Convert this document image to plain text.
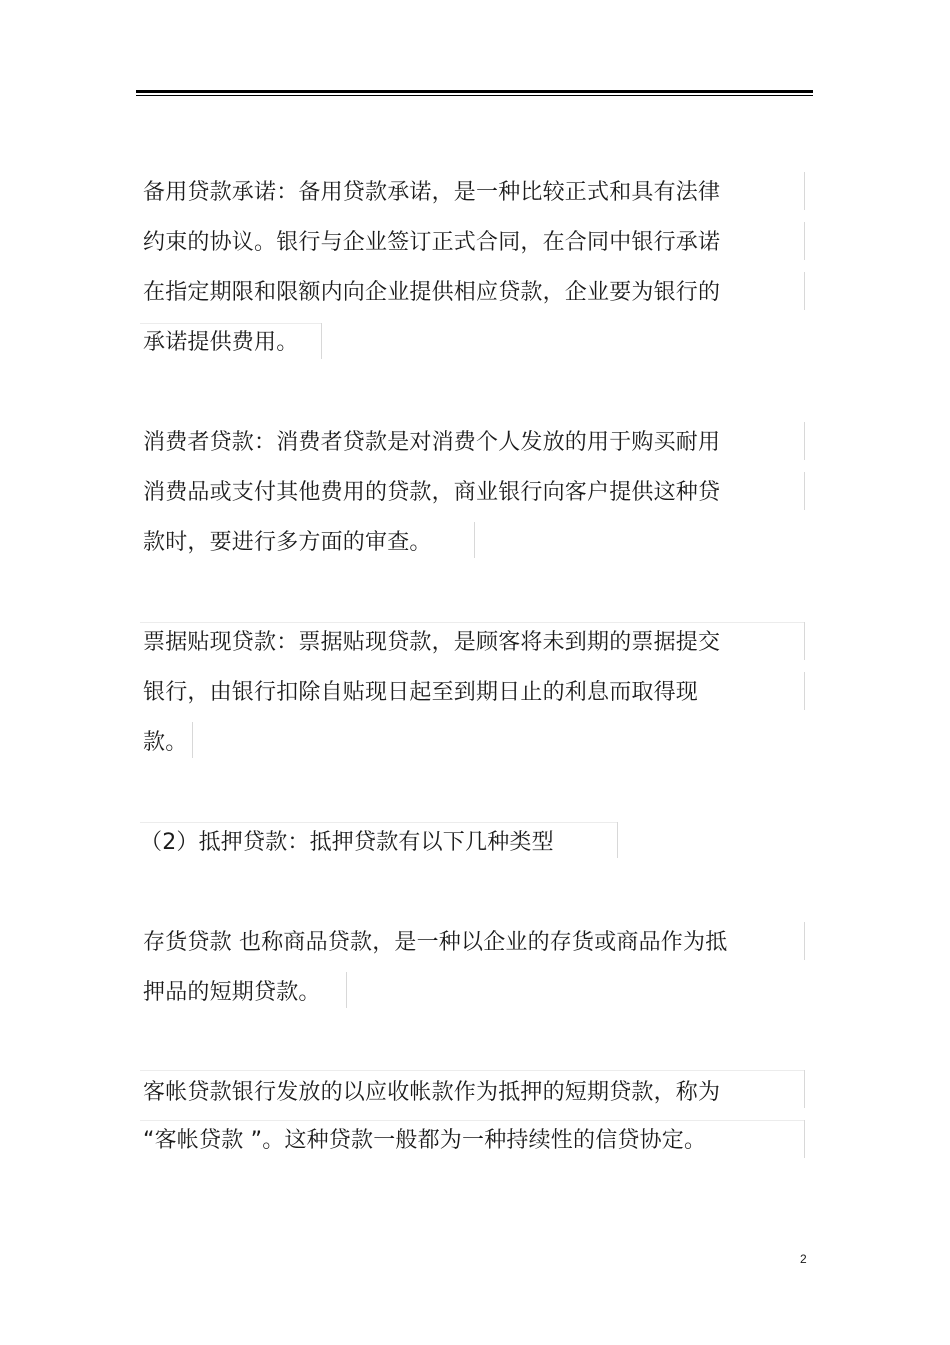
备用贷款承诺：备用贷款承诺，是一种比较正式和具有法律
约束的协议。银行与企业签订正式合同，在合同中银行承诺
在指定期限和限额内向企业提供相应贷款，企业要为银行的
承诺提供费用。
消费者贷款：消费者贷款是对消费个人发放的用于购买耐用
消费品或支付其他费用的贷款，商业银行向客户提供这种贷
款时，要进行多方面的审查。
票据贴现贷款：票据贴现贷款，是顾客将未到期的票据提交
银行，由银行扣除自贴现日起至到期日止的利息而取得现
款。
（2）抵押贷款：抵押贷款有以下几种类型
存货贷款 也称商品贷款，是一种以企业的存货或商品作为抵
押品的短期贷款。
客帐贷款银行发放的以应收帐款作为抵押的短期贷款，称为
“客帐贷款 ”。这种贷款一般都为一种持续性的信贷协定。
2
